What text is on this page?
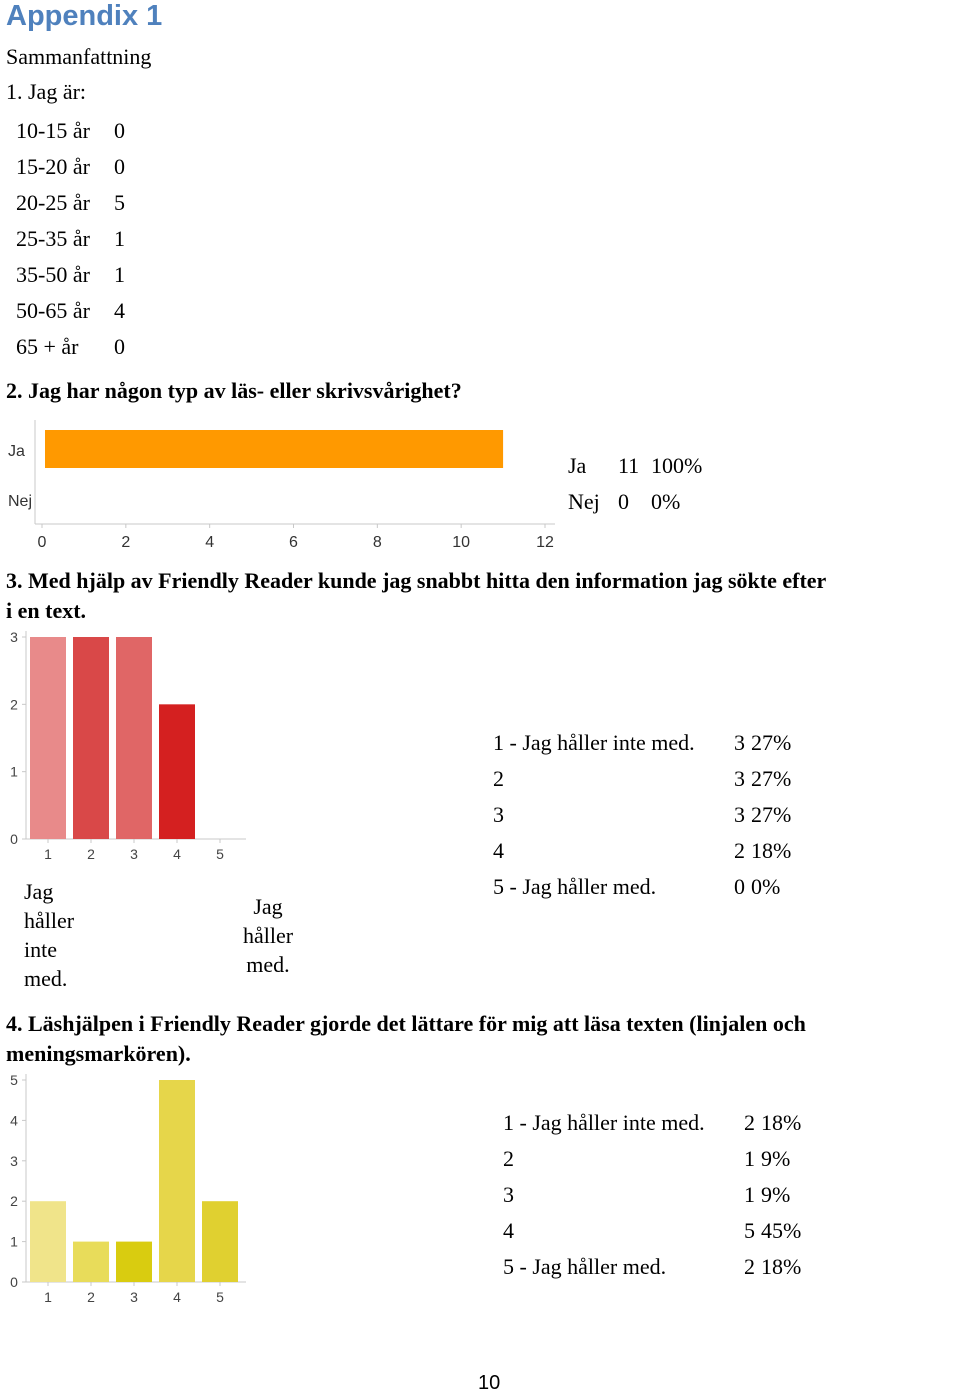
Appendix 1
Sammanfattning
1. Jag är:
10-15 år	0
15-20 år	0
20-25 år	5
25-35 år	1
35-50 år	1
50-65 år	4
65 + år	0
2. Jag har någon typ av läs- eller skrivsvårighet?
Ja
Nej
0	2	4	6	8	10	12
Ja	11	100%
Nej	0	0%
3. Med hjälp av Friendly Reader kunde jag snabbt hitta den information jag sökte efter
i en text.
0
1
2
3
1	2	3	4	5
Jag
håller
inte
med.
Jag
håller
med.
1 - Jag håller inte med.	3	27%
2	3	27%
3	3	27%
4	2	18%
5 - Jag håller med.	0	0%
4. Läshjälpen i Friendly Reader gjorde det lättare för mig att läsa texten (linjalen och
meningsmarkören).
0
1
2
3
4
5
1	2	3	4	5
1 - Jag håller inte med.	2	18%
2	1	9%
3	1	9%
4	5	45%
5 - Jag håller med.	2	18%
10
